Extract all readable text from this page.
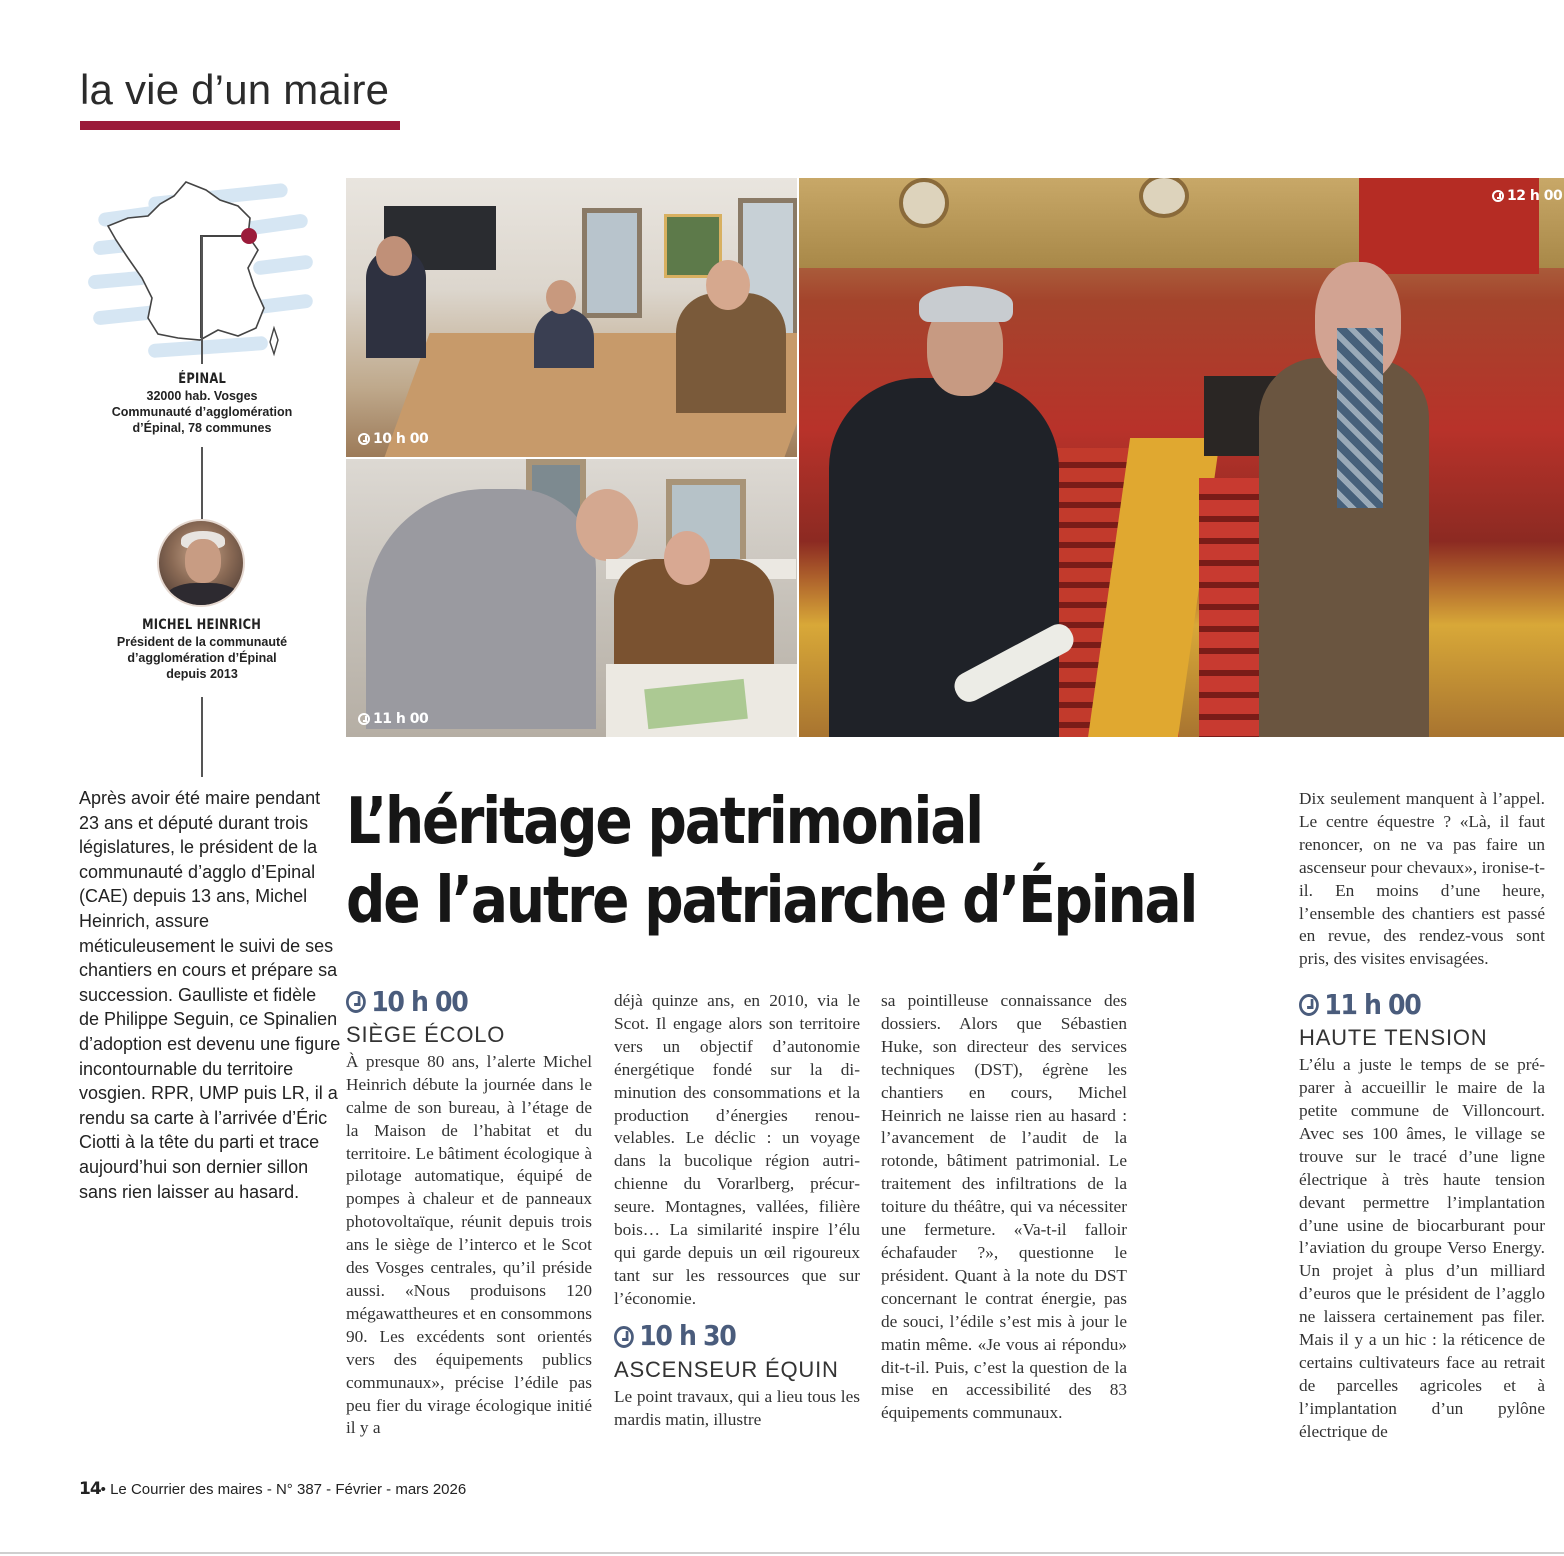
la vie d’un maire
ÉPINAL
32000 hab. Vosges
Communauté d’agglomération
d’Épinal, 78 communes
MICHEL HEINRICH
Président de la communauté
d’agglomération d’Épinal
depuis 2013
Après avoir été maire pendant 23 ans et député durant trois législatures, le président de la communauté d’agglo d’Epinal (CAE) depuis 13 ans, Michel Heinrich, assure méticuleusement le suivi de ses chantiers en cours et prépare sa succession. Gaulliste et fidèle de Philippe Seguin, ce Spinalien d’adoption est devenu une figure incontournable du territoire vosgien. RPR, UMP puis LR, il a rendu sa carte à l’arrivée d’Éric Ciotti à la tête du parti et trace aujourd’hui son dernier sillon sans rien laisser au hasard.
10 h 00
11 h 00
12 h 00
L’héritage patrimonial
de l’autre patriarche d’Épinal
10 h 00
SIÈGE ÉCOLO

À presque 80 ans, l’alerte Michel Heinrich débute la journée dans le calme de son bureau, à l’étage de la Maison de l’habitat et du territoire. Le bâtiment écologique à pilotage automatique, équipé de pompes à chaleur et de panneaux photovoltaïque, réunit depuis trois ans le siège de l’interco et le Scot des Vosges centrales, qu’il préside aussi. «Nous produisons 120 mégawattheures et en consommons 90. Les excédents sont orientés vers des équipements publics communaux», précise l’édile pas peu fier du virage écologique initié il y a

déjà quinze ans, en 2010, via le Scot. Il engage alors son territoire vers un objectif d’autonomie énergétique fondé sur la diminution des consommations et la production d’énergies renouvelables. Le déclic : un voyage dans la bucolique région autrichienne du Vorarlberg, précurseure. Montagnes, vallées, filière bois… La similarité inspire l’élu qui garde depuis un œil rigoureux tant sur les ressources que sur l’économie.

10 h 30
ASCENSEUR ÉQUIN

Le point travaux, qui a lieu tous les mardis matin, illustre

sa pointilleuse connaissance des dossiers. Alors que Sébastien Huke, son directeur des services techniques (DST), égrène les chantiers en cours, Michel Heinrich ne laisse rien au hasard : l’avancement de l’audit de la rotonde, bâtiment patrimonial. Le traitement des infiltrations de la toiture du théâtre, qui va nécessiter une fermeture. «Va-t-il falloir échafauder ?», questionne le président. Quant à la note du DST concernant le contrat énergie, pas de souci, l’édile s’est mis à jour le matin même. «Je vous ai répondu» dit-t-il. Puis, c’est la question de la mise en accessibilité des 83 équipements communaux.

Dix seulement manquent à l’appel. Le centre équestre ? «Là, il faut renoncer, on ne va pas faire un ascenseur pour chevaux», ironise-t-il. En moins d’une heure, l’ensemble des chantiers est passé en revue, des rendez-vous sont pris, des visites envisagées.

11 h 00
HAUTE TENSION

L’élu a juste le temps de se préparer à accueillir le maire de la petite commune de Villoncourt. Avec ses 100 âmes, le village se trouve sur le tracé d’une ligne électrique à très haute tension devant permettre l’implantation d’une usine de biocarburant pour l’aviation du groupe Verso Energy. Un projet à plus d’un milliard d’euros que le président de l’agglo ne laissera certainement pas filer. Mais il y a un hic : la réticence de certains cultivateurs face au retrait de parcelles agricoles et à l’implantation d’un pylône électrique de

14• Le Courrier des maires - N° 387 - Février - mars 2026
